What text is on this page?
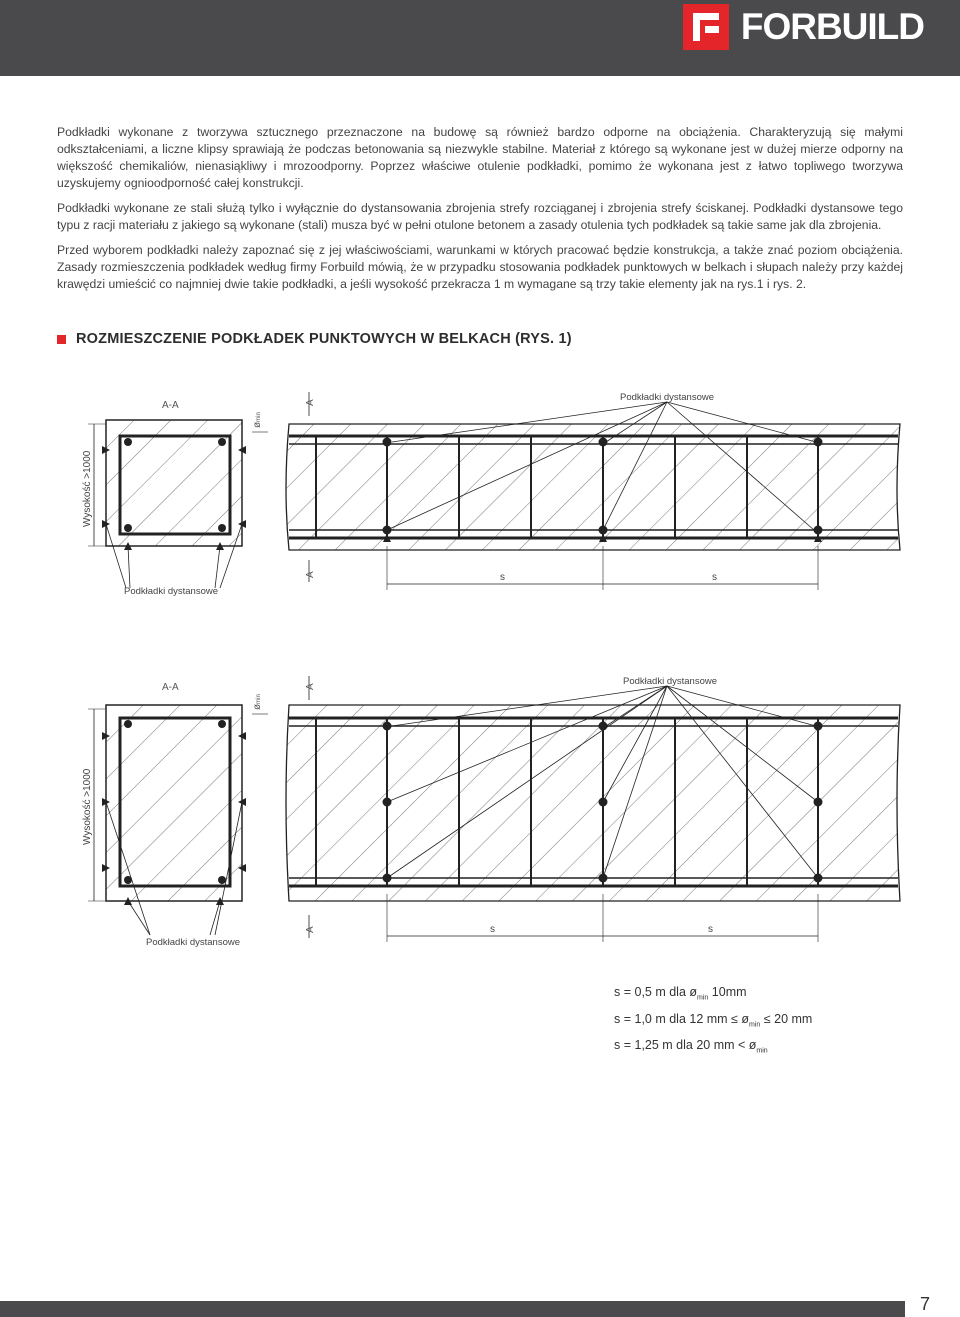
FORBUILD

Podkładki wykonane z tworzywa sztucznego przeznaczone na budowę są również bardzo odporne na obciążenia. Charakteryzują się małymi odkształceniami, a liczne klipsy sprawiają że podczas betonowania są niezwykle stabilne. Materiał z którego są wykonane jest w dużej mierze odporny na większość chemikaliów, nienasiąkliwy i mrozoodporny. Poprzez właściwe otulenie podkładki, pomimo że wykonana jest z łatwo topliwego tworzywa uzyskujemy ognioodporność całej konstrukcji.

Podkładki wykonane ze stali służą tylko i wyłącznie do dystansowania zbrojenia strefy rozciąganej i zbrojenia strefy ściskanej. Podkładki dystansowe tego typu z racji materiału z jakiego są wykonane (stali) musza być w pełni otulone betonem a zasady otulenia tych podkładek są takie same jak dla zbrojenia.

Przed wyborem podkładki należy zapoznać się z jej właściwościami, warunkami w których pracować będzie konstrukcja, a także znać poziom obciążenia. Zasady rozmieszczenia podkładek według firmy Forbuild mówią, że w przypadku stosowania podkładek punktowych w belkach i słupach należy przy każdej krawędzi umieścić co najmniej dwie takie podkładki, a jeśli wysokość przekracza 1 m wymagane są trzy takie elementy jak na rys.1 i rys. 2.

ROZMIESZCZENIE PODKŁADEK PUNKTOWYCH W BELKACH (RYS. 1)
Wysokość >1000
A-A
ømin
Podkładki dystansowe
A
A
Podkładki dystansowe
s	s
Wysokość >1000
A-A
ømin
Podkładki dystansowe
A
A
Podkładki dystansowe
s	s
s = 0,5 m dla $ø_{min}$ 10mm
s = 1,0 m dla 12 mm ≤ $ø_{min} \le 20$ mm
s = 1,25 m dla 20 mm < $ø_{min}$
7
